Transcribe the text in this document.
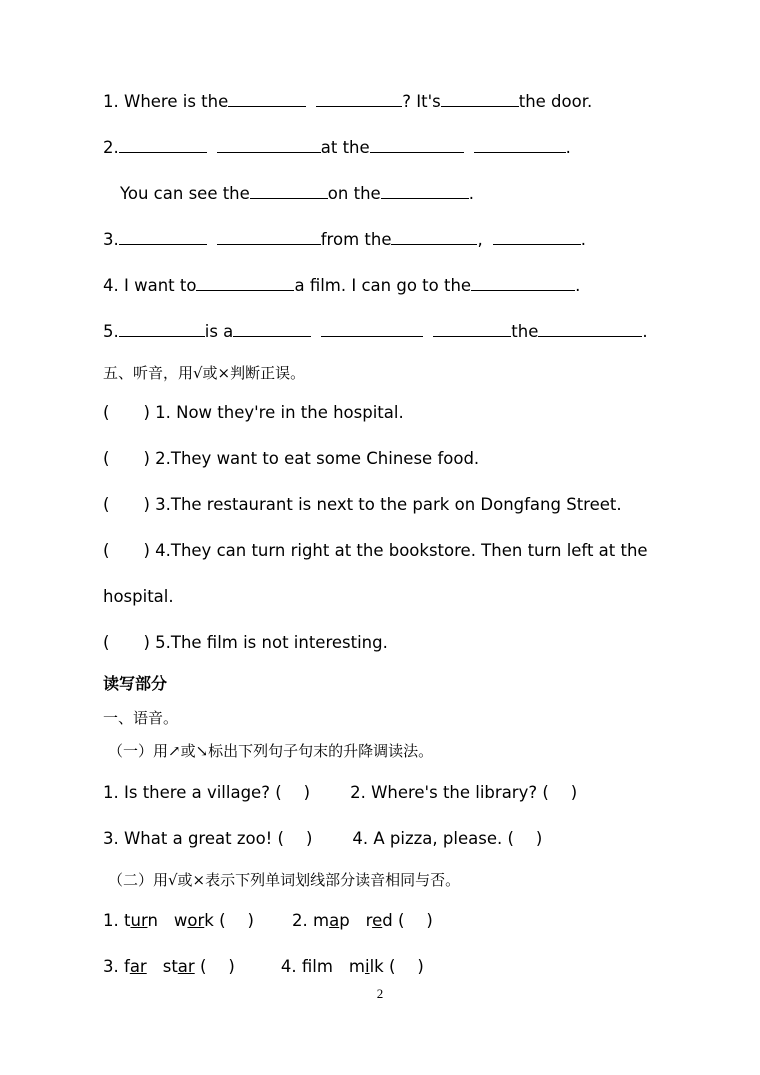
1. Where is the	? It's	the door.
2.	at the	.
You can see the	on the	.
3.	from the	,	.
4. I want to	a film. I can go to the	.
5.	is a	the	.
五、听音，用√或×判断正误。
( ) 1. Now they're in the hospital.
( ) 2.They want to eat some Chinese food.
( ) 3.The restaurant is next to the park on Dongfang Street.
( ) 4.They can turn right at the bookstore. Then turn left at the
hospital.
( ) 5.The film is not interesting.
读写部分
一、语音。
（一）用↗或↘标出下列句子句末的升降调读法。
1. Is there a village? ( ) 2. Where's the library? ( )
3. What a great zoo! ( ) 4. A pizza, please. ( )
（二）用√或×表示下列单词划线部分读音相同与否。
1. turn work ( ) 2. map red ( )
3. far star ( )	4. flm milk ( )
2
